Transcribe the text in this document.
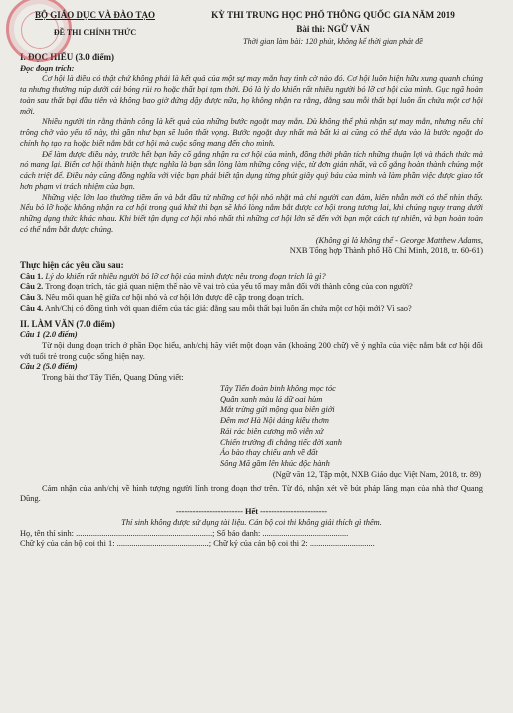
BỘ GIÁO DỤC VÀ ĐÀO TẠO
ĐỀ THI CHÍNH THỨC
KỲ THI TRUNG HỌC PHỔ THÔNG QUỐC GIA NĂM 2019
Bài thi: NGỮ VĂN
Thời gian làm bài: 120 phút, không kể thời gian phát đề
I. ĐỌC HIỂU (3.0 điểm)
Đọc đoạn trích:

Cơ hội là điều có thật chứ không phải là kết quả của một sự may mắn hay tình cờ nào đó. Cơ hội luôn hiện hữu xung quanh chúng ta nhưng thường núp dưới cái bóng rủi ro hoặc thất bại tạm thời. Đó là lý do khiến rất nhiều người bỏ lỡ cơ hội của mình. Gục ngã hoàn toàn sau thất bại đầu tiên và không bao giờ đứng dậy được nữa, họ không nhận ra rằng, đằng sau mỗi thất bại luôn ẩn chứa một cơ hội mới.

Nhiều người tin rằng thành công là kết quả của những bước ngoặt may mắn. Dù không thể phủ nhận sự may mắn, nhưng nếu chỉ trông chờ vào yếu tố này, thì gần như bạn sẽ luôn thất vọng. Bước ngoặt duy nhất mà bất kì ai cũng có thể dựa vào là bước ngoặt do chính họ tạo ra hoặc biết nắm bắt cơ hội mà cuộc sống mang đến cho mình.

Để làm được điều này, trước hết bạn hãy cố gắng nhận ra cơ hội của mình, đồng thời phân tích những thuận lợi và thách thức mà nó mang lại. Biến cơ hội thành hiện thực nghĩa là bạn sẵn lòng làm những công việc, từ đơn giản nhất, và cố gắng hoàn thành chúng một cách triệt để. Điều này cũng đồng nghĩa với việc bạn phải biết tận dụng từng phút giây quý báu của mình và làm phần việc được giao tốt hơn phạm vi trách nhiệm của bạn.

Những việc lớn lao thường tiềm ẩn và bắt đầu từ những cơ hội nhỏ nhặt mà chỉ người can đảm, kiên nhẫn mới có thể nhìn thấy. Nếu bỏ lỡ hoặc không nhận ra cơ hội trong quá khứ thì bạn sẽ khó lòng nắm bắt được cơ hội trong tương lai, khi chúng nguy trang dưới những dạng thức khác nhau. Khi biết tận dụng cơ hội nhỏ nhất thì những cơ hội lớn sẽ đến với bạn một cách tự nhiên, và bạn hoàn toàn có thể nắm bắt được chúng.

(Không gì là không thể - George Matthew Adams,
NXB Tổng hợp Thành phố Hồ Chí Minh, 2018, tr. 60-61)
Thực hiện các yêu cầu sau:
Câu 1. Lý do khiến rất nhiều người bỏ lỡ cơ hội của mình được nêu trong đoạn trích là gì?
Câu 2. Trong đoạn trích, tác giả quan niệm thế nào về vai trò của yếu tố may mắn đối với thành công của con người?
Câu 3. Nêu mối quan hệ giữa cơ hội nhỏ và cơ hội lớn được đề cập trong đoạn trích.
Câu 4. Anh/Chị có đồng tình với quan điểm của tác giả: đằng sau mỗi thất bại luôn ẩn chứa một cơ hội mới? Vì sao?
II. LÀM VĂN (7.0 điểm)
Câu 1 (2.0 điểm)
Từ nội dung đoạn trích ở phần Đọc hiểu, anh/chị hãy viết một đoạn văn (khoảng 200 chữ) về ý nghĩa của việc nắm bắt cơ hội đối với tuổi trẻ trong cuộc sống hiện nay.
Câu 2 (5.0 điểm)
Trong bài thơ Tây Tiến, Quang Dũng viết:
Tây Tiến đoàn binh không mọc tóc
Quân xanh màu lá dữ oai hùm
Mắt trừng gửi mộng qua biên giới
Đêm mơ Hà Nội dáng kiều thơm
Rải rác biên cương mồ viễn xứ
Chiến trường đi chẳng tiếc đời xanh
Áo bào thay chiếu anh về đất
Sông Mã gầm lên khúc độc hành
(Ngữ văn 12, Tập một, NXB Giáo dục Việt Nam, 2018, tr. 89)
Cảm nhận của anh/chị về hình tượng người lính trong đoạn thơ trên. Từ đó, nhận xét về bút pháp lãng mạn của nhà thơ Quang Dũng.
------------------------ Hết ------------------------
Thí sinh không được sử dụng tài liệu. Cán bộ coi thi không giải thích gì thêm.
Họ, tên thí sinh: .................................................................; Số báo danh: .........................................
Chữ ký của cán bộ coi thi 1: ............................................; Chữ ký của cán bộ coi thi 2: ...............................
